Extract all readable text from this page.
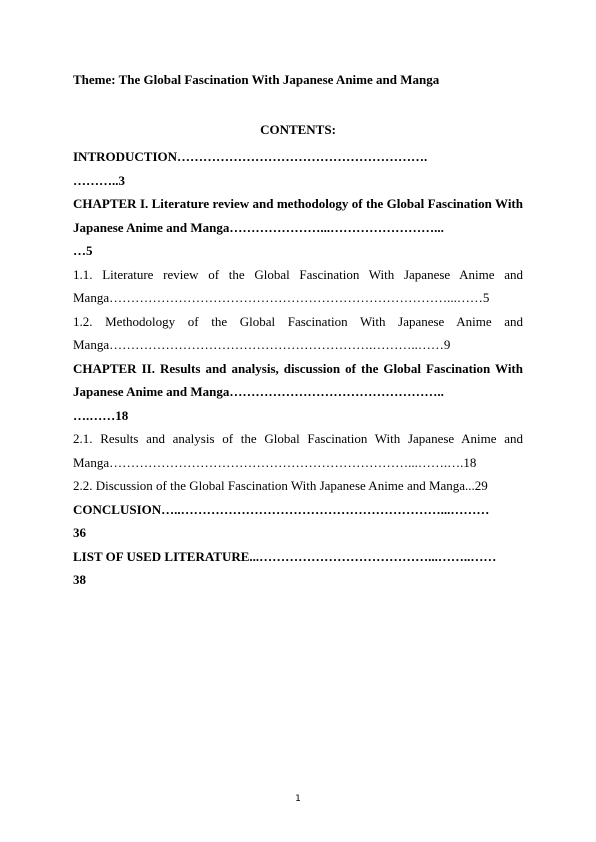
Theme: The Global Fascination With Japanese Anime and Manga
CONTENTS:

INTRODUCTION………………………………………………….
………..3

CHAPTER I. Literature review and methodology of the Global Fascination With Japanese Anime and Manga…………………...……………………...
…5

1.1. Literature review of the Global Fascination With Japanese Anime and Manga……………………………………………………………………...……5

1.2. Methodology of the Global Fascination With Japanese Anime and Manga…………………………………………………….………..……9

CHAPTER II. Results and analysis, discussion of the Global Fascination With Japanese Anime and Manga…………………………………………..
….……18

2.1. Results and analysis of the Global Fascination With Japanese Anime and Manga……………………………………………………………...…….….18

2.2. Discussion of the Global Fascination With Japanese Anime and Manga...29

CONCLUSION…..……………………………………………………...………
36

LIST OF USED LITERATURE...…………………………………...……..……
38

1
